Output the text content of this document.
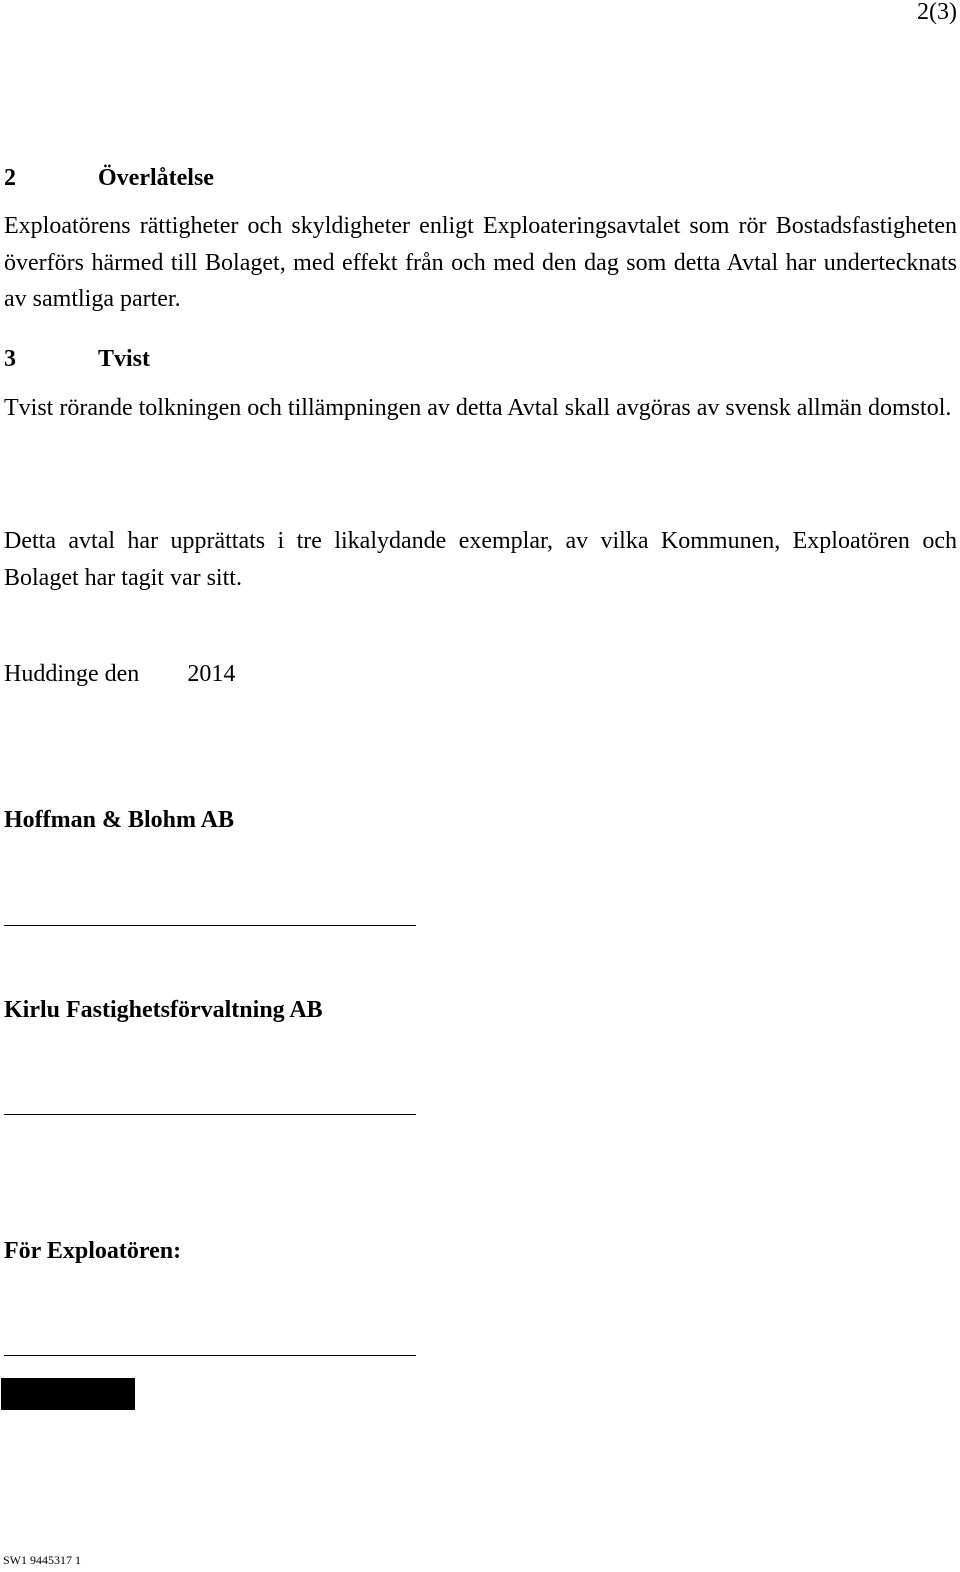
2(3)
2	Överlåtelse
Exploatörens rättigheter och skyldigheter enligt Exploateringsavtalet som rör Bostadsfastigheten överförs härmed till Bolaget, med effekt från och med den dag som detta Avtal har undertecknats av samtliga parter.
3	Tvist
Tvist rörande tolkningen och tillämpningen av detta Avtal skall avgöras av svensk allmän domstol.
Detta avtal har upprättats i tre likalydande exemplar, av vilka Kommunen, Exploatören och Bolaget har tagit var sitt.
Huddinge den 2014
Hoffman & Blohm AB
Kirlu Fastighetsförvaltning AB
För Exploatören:
SW1 9445317 1
